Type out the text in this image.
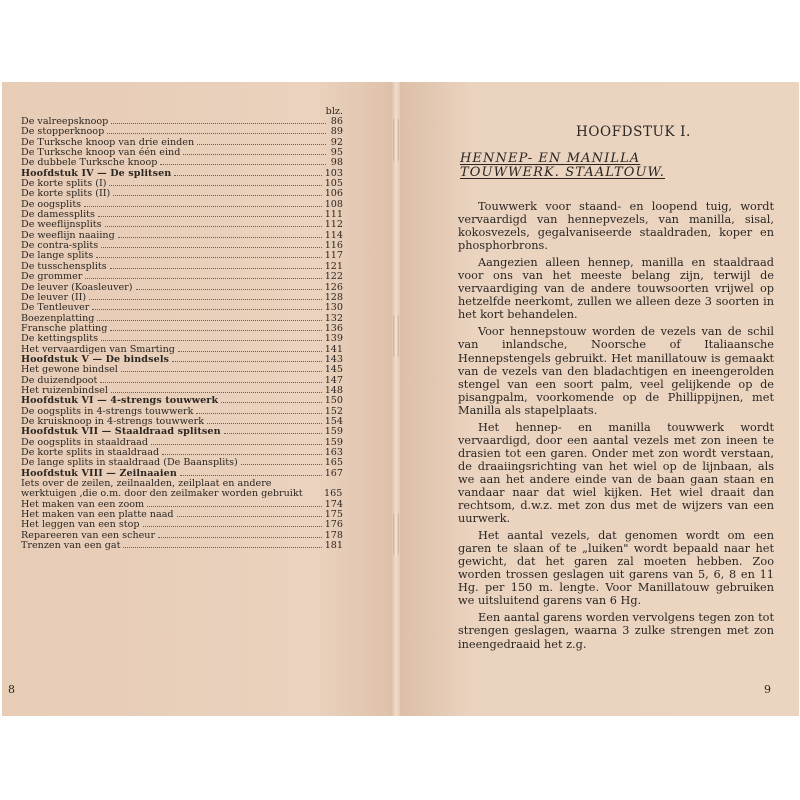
blz.
De valreepsknoop	86
De stopperknoop	89
De Turksche knoop van drie einden	92
De Turksche knoop van één eind	95
De dubbele Turksche knoop	98
Hoofdstuk IV — De splitsen	103
De korte splits (I)	105
De korte splits (II)	106
De oogsplits	108
De damessplits	111
De weeflijnsplits	112
De weeflijn naaiing	114
De contra-splits	116
De lange splits	117
De tusschensplits	121
De grommer	122
De leuver (Koasleuver)	126
De leuver (II)	128
De Tentleuver	130
Boezenplatting	132
Fransche platting	136
De kettingsplits	139
Het vervaardigen van Smarting	141
Hoofdstuk V — De bindsels	143
Het gewone bindsel	145
De duizendpoot	147
Het ruizenbindsel	148
Hoofdstuk VI — 4-strengs touwwerk	150
De oogsplits in 4-strengs touwwerk	152
De kruisknoop in 4-strengs touwwerk	154
Hoofdstuk VII — Staaldraad splitsen	159
De oogsplits in staaldraad	159
De korte splits in staaldraad	163
De lange splits in staaldraad (De Baansplits)	165
Hoofdstuk VIII — Zeilnaaien	167
Iets over de zeilen, zeilnaalden, zeilplaat en andere werktuigen ,die o.m. door den zeilmaker worden gebruikt	165
Het maken van een zoom	174
Het maken van een platte naad	175
Het leggen van een stop	176
Repareeren van een scheur	178
Trenzen van een gat	181
8
HOOFDSTUK I.
HENNEP- EN MANILLA
TOUWWERK. STAALTOUW.

Touwwerk voor staand- en loopend tuig, wordt vervaardigd van hennepvezels, van manilla, sisal, kokosvezels, gegalvaniseerde staaldraden, koper en phosphorbrons.

Aangezien alleen hennep, manilla en staaldraad voor ons van het meeste belang zijn, terwijl de vervaardiging van de andere touwsoorten vrijwel op hetzelfde neerkomt, zullen we alleen deze 3 soorten in het kort behandelen.

Voor hennepstouw worden de vezels van de schil van inlandsche, Noorsche of Italiaansche Hennepstengels gebruikt. Het manillatouw is gemaakt van de vezels van den bladachtigen en ineengerolden stengel van een soort palm, veel gelijkende op de pisangpalm, voorkomende op de Phillippijnen, met Manilla als stapelplaats.

Het hennep- en manilla touwwerk wordt vervaardigd, door een aantal vezels met zon ineen te drasien tot een garen. Onder met zon wordt verstaan, de draaiingsrichting van het wiel op de lijnbaan, als we aan het andere einde van de baan gaan staan en vandaar naar dat wiel kijken. Het wiel draait dan rechtsom, d.w.z. met zon dus met de wijzers van een uurwerk.

Het aantal vezels, dat genomen wordt om een garen te slaan of te „luiken" wordt bepaald naar het gewicht, dat het garen zal moeten hebben. Zoo worden trossen geslagen uit garens van 5, 6, 8 en 11 Hg. per 150 m. lengte. Voor Manillatouw gebruiken we uitsluitend garens van 6 Hg.

Een aantal garens worden vervolgens tegen zon tot strengen geslagen, waarna 3 zulke strengen met zon ineengedraaid het z.g.

9
